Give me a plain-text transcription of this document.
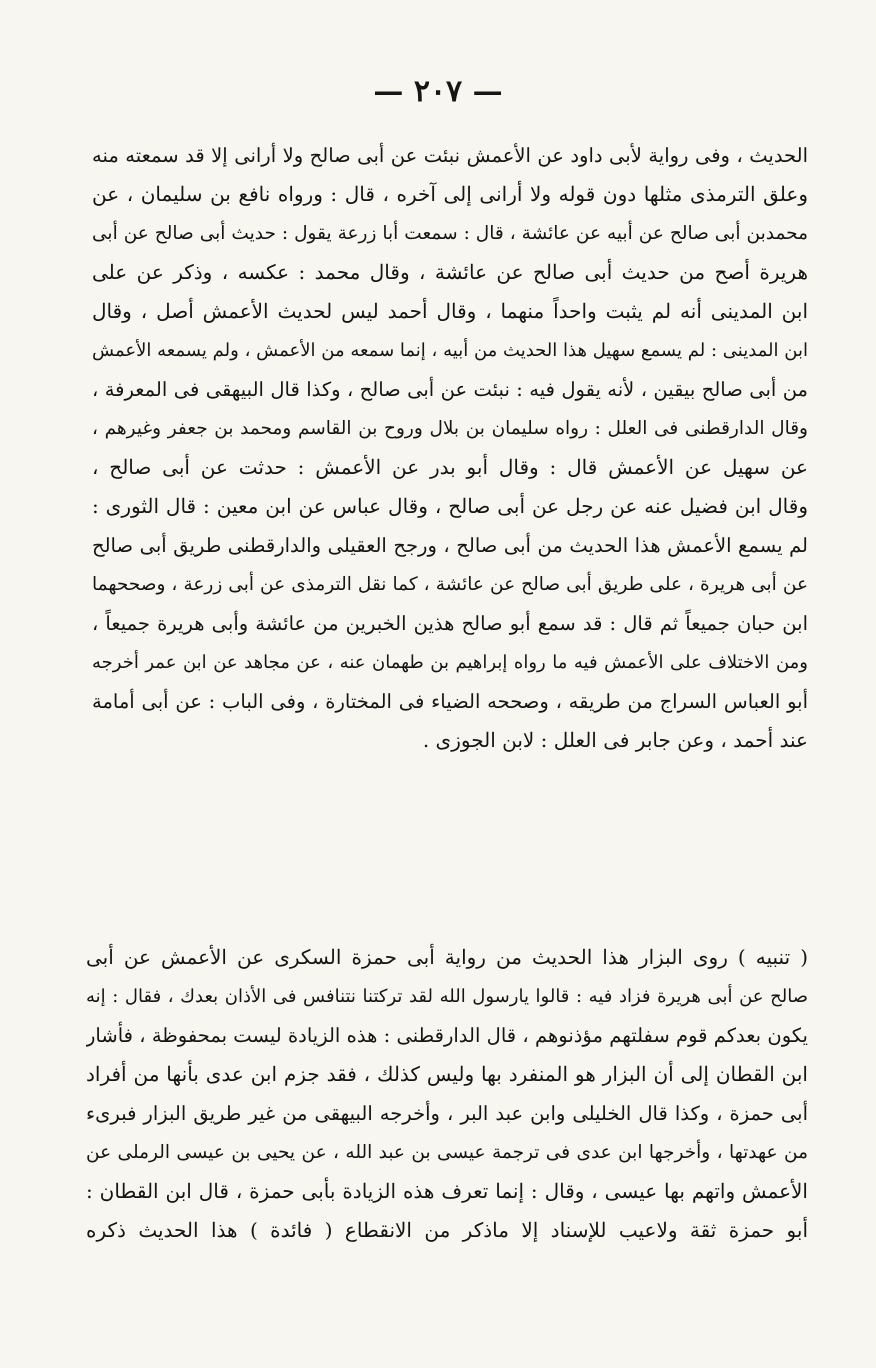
— ٢٠٧ —
الحديث ، وفى رواية لأبى داود عن الأعمش نبئت عن أبى صالح ولا أرانى إلا قد سمعته منه
وعلق الترمذى مثلها دون قوله ولا أرانى إلى آخره ، قال : ورواه نافع بن سليمان ، عن
محمدبن أبى صالح عن أبيه عن عائشة ، قال : سمعت أبا زرعة يقول : حديث أبى صالح عن أبى
هريرة أصح من حديث أبى صالح عن عائشة ، وقال محمد : عكسه ، وذكر عن على
ابن المدينى أنه لم يثبت واحداً منهما ، وقال أحمد ليس لحديث الأعمش أصل ، وقال
ابن المدينى : لم يسمع سهيل هذا الحديث من أبيه ، إنما سمعه من الأعمش ، ولم يسمعه الأعمش
من أبى صالح بيقين ، لأنه يقول فيه : نبئت عن أبى صالح ، وكذا قال البيهقى فى المعرفة ،
وقال الدارقطنى فى العلل : رواه سليمان بن بلال وروح بن القاسم ومحمد بن جعفر وغيرهم ،
عن سهيل عن الأعمش قال : وقال أبو بدر عن الأعمش : حدثت عن أبى صالح ،
وقال ابن فضيل عنه عن رجل عن أبى صالح ، وقال عباس عن ابن معين : قال الثورى :
لم يسمع الأعمش هذا الحديث من أبى صالح ، ورجح العقيلى والدارقطنى طريق أبى صالح
عن أبى هريرة ، على طريق أبى صالح عن عائشة ، كما نقل الترمذى عن أبى زرعة ، وصححهما
ابن حبان جميعاً ثم قال : قد سمع أبو صالح هذين الخبرين من عائشة وأبى هريرة جميعاً ،
ومن الاختلاف على الأعمش فيه ما رواه إبراهيم بن طهمان عنه ، عن مجاهد عن ابن عمر أخرجه
أبو العباس السراج من طريقه ، وصححه الضياء فى المختارة ، وفى الباب : عن أبى أمامة
عند أحمد ، وعن جابر فى العلل : لابن الجوزى .
( تنبيه ) روى البزار هذا الحديث من رواية أبى حمزة السكرى عن الأعمش عن أبى
صالح عن أبى هريرة فزاد فيه : قالوا يارسول الله لقد تركتنا نتنافس فى الأذان بعدك ، فقال : إنه
يكون بعدكم قوم سفلتهم مؤذنوهم ، قال الدارقطنى : هذه الزيادة ليست بمحفوظة ، فأشار
ابن القطان إلى أن البزار هو المنفرد بها وليس كذلك ، فقد جزم ابن عدى بأنها من أفراد
أبى حمزة ، وكذا قال الخليلى وابن عبد البر ، وأخرجه البيهقى من غير طريق البزار فبرىء
من عهدتها ، وأخرجها ابن عدى فى ترجمة عيسى بن عبد الله ، عن يحيى بن عيسى الرملى عن
الأعمش واتهم بها عيسى ، وقال : إنما تعرف هذه الزيادة بأبى حمزة ، قال ابن القطان :
أبو حمزة ثقة ولاعيب للإسناد إلا ماذكر من الانقطاع ( فائدة ) هذا الحديث ذكره
